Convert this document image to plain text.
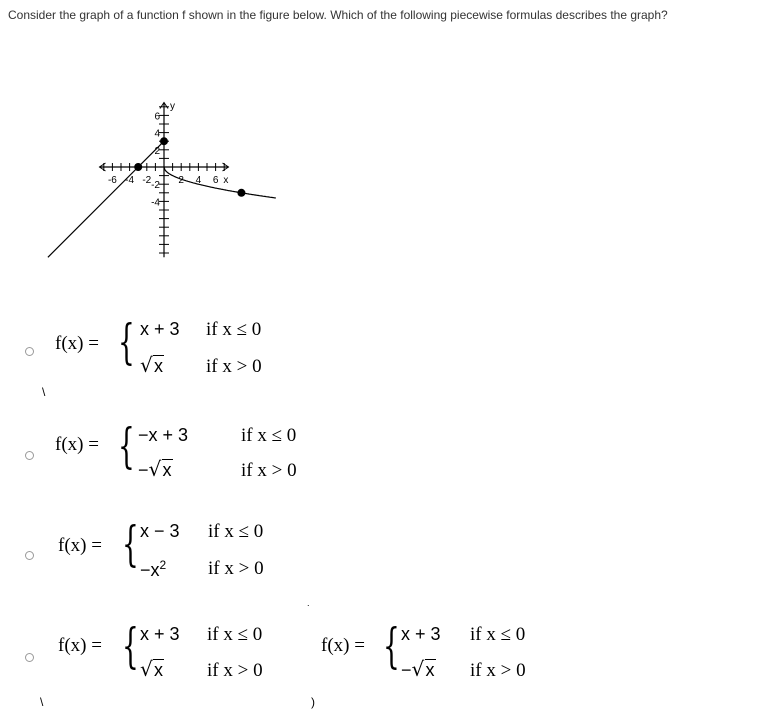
Consider the graph of a function f shown in the figure below. Which of the following piecewise formulas describes the graph?
-6 -4 -2	2 4 6 x
6
4
2
-2
-4
y
f(x) = { x + 3 if x ≤ 0
√ x if x > 0
\
f(x) = { −x + 3	if x ≤ 0
− √ x	if x > 0
f(x) = { x − 3 if x ≤ 0
$-x^2$ if x > 0
.
f(x) = { x + 3 if x ≤ 0
√ x if x > 0
f(x) = { x + 3 if x ≤ 0
− √ x if x > 0
\	)
